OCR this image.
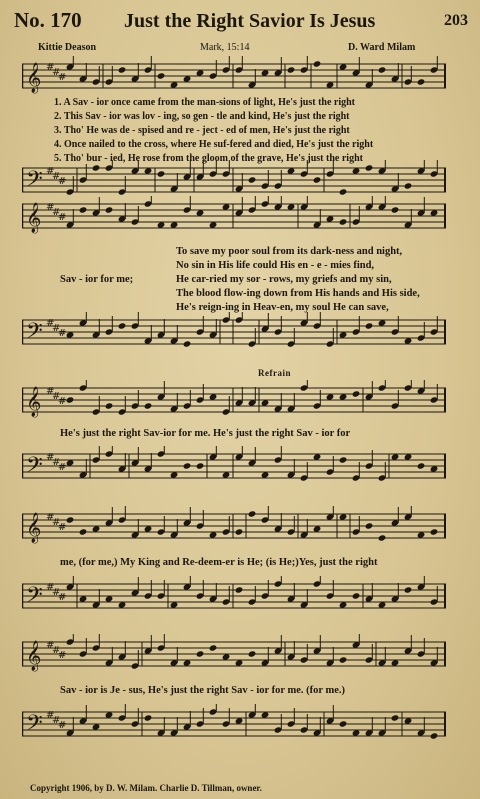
No. 170 Just the Right Savior Is Jesus	203
Kittie Deason	Mark, 15:14	D. Ward Milam
𝄞 #
#
#
1. A Sav - ior once came from the man-sions of light, He's just the right
2. This Sav - ior was lov - ing, so gen - tle and kind, He's just the right
3. Tho' He was de - spised and re - ject - ed of men, He's just the right
4. Once nailed to the cross, where He suf-fered and died, He's just the right
5. Tho' bur - ied, He rose from the gloom of the grave, He's just the right
𝄢 #
#
#
𝄞 #
#
#
To save my poor soul from its dark-ness and night,
No sin in His life could His en - e - mies find,
Sav - ior for me;	He car-ried my sor - rows, my griefs and my sin,
The blood flow-ing down from His hands and His side,
He's reign-ing in Heav-en, my soul He can save,
𝄢 #
#
#
Refrain
𝄞 #
#
#
He's just the right Sav-ior for me. He's just the right Sav - ior for
𝄢 #
#
#
𝄞 #
#
#
me, (for me,) My King and Re-deem-er is He; (is He;)Yes, just the right
𝄢 #
#
#
𝄞 #
#
#
Sav - ior is Je - sus, He's just the right Sav - ior for me. (for me.)
𝄢 #
#
#
Copyright 1906, by D. W. Milam. Charlie D. Tillman, owner.
